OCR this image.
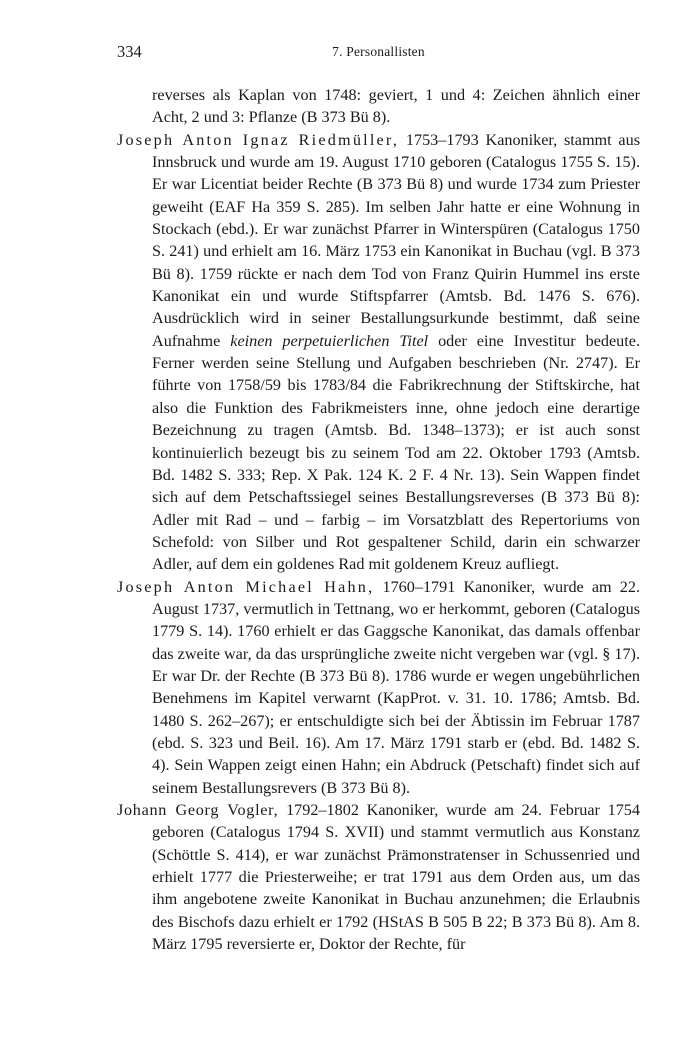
334	7. Personallisten

reverses als Kaplan von 1748: geviert, 1 und 4: Zeichen ähnlich einer Acht, 2 und 3: Pflanze (B 373 Bü 8).

Joseph Anton Ignaz Riedmüller, 1753–1793 Kanoniker, stammt aus Innsbruck und wurde am 19. August 1710 geboren (Catalogus 1755 S. 15). Er war Licentiat beider Rechte (B 373 Bü 8) und wurde 1734 zum Priester geweiht (EAF Ha 359 S. 285). Im selben Jahr hatte er eine Wohnung in Stockach (ebd.). Er war zunächst Pfarrer in Winterspüren (Catalogus 1750 S. 241) und erhielt am 16. März 1753 ein Kanonikat in Buchau (vgl. B 373 Bü 8). 1759 rückte er nach dem Tod von Franz Quirin Hummel ins erste Kanonikat ein und wurde Stiftspfarrer (Amtsb. Bd. 1476 S. 676). Ausdrücklich wird in seiner Bestallungsurkunde bestimmt, daß seine Aufnahme keinen perpetuierlichen Titel oder eine Investitur bedeute. Ferner werden seine Stellung und Aufgaben beschrieben (Nr. 2747). Er führte von 1758/59 bis 1783/84 die Fabrikrechnung der Stiftskirche, hat also die Funktion des Fabrikmeisters inne, ohne jedoch eine derartige Bezeichnung zu tragen (Amtsb. Bd. 1348–1373); er ist auch sonst kontinuierlich bezeugt bis zu seinem Tod am 22. Oktober 1793 (Amtsb. Bd. 1482 S. 333; Rep. X Pak. 124 K. 2 F. 4 Nr. 13). Sein Wappen findet sich auf dem Petschaftssiegel seines Bestallungsreverses (B 373 Bü 8): Adler mit Rad – und – farbig – im Vorsatzblatt des Repertoriums von Schefold: von Silber und Rot gespaltener Schild, darin ein schwarzer Adler, auf dem ein goldenes Rad mit goldenem Kreuz aufliegt.

Joseph Anton Michael Hahn, 1760–1791 Kanoniker, wurde am 22. August 1737, vermutlich in Tettnang, wo er herkommt, geboren (Catalogus 1779 S. 14). 1760 erhielt er das Gaggsche Kanonikat, das damals offenbar das zweite war, da das ursprüngliche zweite nicht vergeben war (vgl. § 17). Er war Dr. der Rechte (B 373 Bü 8). 1786 wurde er wegen ungebührlichen Benehmens im Kapitel verwarnt (KapProt. v. 31. 10. 1786; Amtsb. Bd. 1480 S. 262–267); er entschuldigte sich bei der Äbtissin im Februar 1787 (ebd. S. 323 und Beil. 16). Am 17. März 1791 starb er (ebd. Bd. 1482 S. 4). Sein Wappen zeigt einen Hahn; ein Abdruck (Petschaft) findet sich auf seinem Bestallungsrevers (B 373 Bü 8).

Johann Georg Vogler, 1792–1802 Kanoniker, wurde am 24. Februar 1754 geboren (Catalogus 1794 S. XVII) und stammt vermutlich aus Konstanz (Schöttle S. 414), er war zunächst Prämonstratenser in Schussenried und erhielt 1777 die Priesterweihe; er trat 1791 aus dem Orden aus, um das ihm angebotene zweite Kanonikat in Buchau anzunehmen; die Erlaubnis des Bischofs dazu erhielt er 1792 (HStAS B 505 B 22; B 373 Bü 8). Am 8. März 1795 reversierte er, Doktor der Rechte, für
